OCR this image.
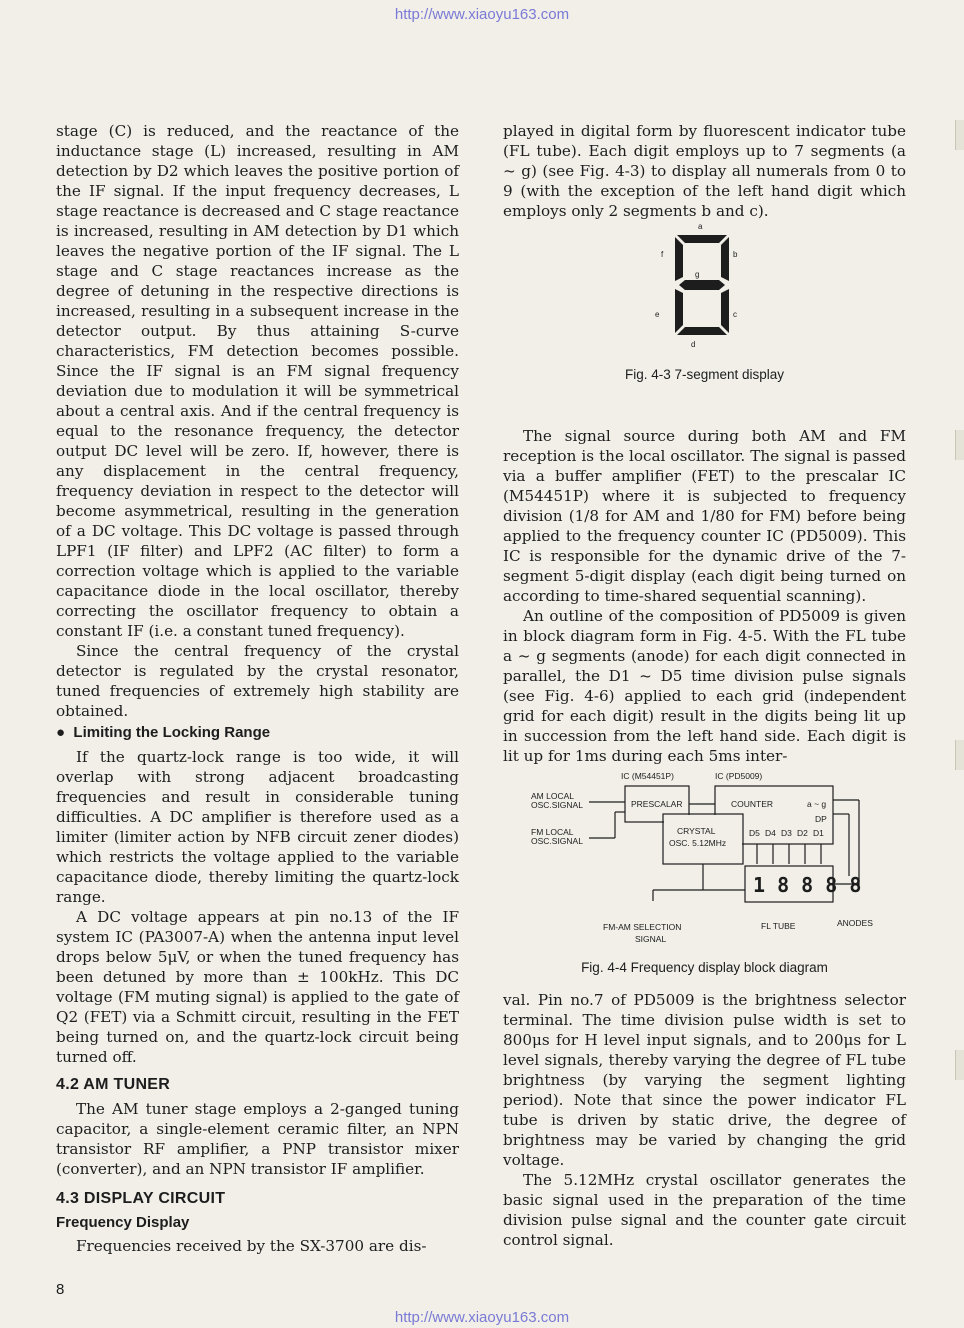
http://www.xiaoyu163.com

stage (C) is reduced, and the reactance of the inductance stage (L) increased, resulting in AM detection by D2 which leaves the positive portion of the IF signal. If the input frequency decreases, L stage reactance is decreased and C stage reactance is increased, resulting in AM detection by D1 which leaves the negative portion of the IF signal. The L stage and C stage reactances increase as the degree of detuning in the respective directions is increased, resulting in a subsequent increase in the detector output. By thus attaining S-curve characteristics, FM detection becomes possible. Since the IF signal is an FM signal frequency deviation due to modulation it will be symmetrical about a central axis. And if the central frequency is equal to the resonance frequency, the detector output DC level will be zero. If, however, there is any displacement in the central frequency, frequency deviation in respect to the detector will become asymmetrical, resulting in the generation of a DC voltage. This DC voltage is passed through LPF1 (IF filter) and LPF2 (AC filter) to form a correction voltage which is applied to the variable capacitance diode in the local oscillator, thereby correcting the oscillator frequency to obtain a constant IF (i.e. a constant tuned frequency).

Since the central frequency of the crystal detector is regulated by the crystal resonator, tuned frequencies of extremely high stability are obtained.

●  Limiting the Locking Range

If the quartz-lock range is too wide, it will overlap with strong adjacent broadcasting frequencies and result in considerable tuning difficulties. A DC amplifier is therefore used as a limiter (limiter action by NFB circuit zener diodes) which restricts the voltage applied to the variable capacitance diode, thereby limiting the quartz-lock range.

A DC voltage appears at pin no.13 of the IF system IC (PA3007-A) when the antenna input level drops below 5μV, or when the tuned frequency has been detuned by more than ± 100kHz. This DC voltage (FM muting signal) is applied to the gate of Q2 (FET) via a Schmitt circuit, resulting in the FET being turned on, and the quartz-lock circuit being turned off.

4.2 AM TUNER

The AM tuner stage employs a 2-ganged tuning capacitor, a single-element ceramic filter, an NPN transistor RF amplifier, a PNP transistor mixer (converter), and an NPN transistor IF amplifier.

4.3 DISPLAY CIRCUIT
Frequency Display

Frequencies received by the SX-3700 are dis-

played in digital form by fluorescent indicator tube (FL tube). Each digit employs up to 7 segments (a ~ g) (see Fig. 4-3) to display all numerals from 0 to 9 (with the exception of the left hand digit which employs only 2 segments b and c).

a
b
c
d
e
f
g
Fig. 4-3 7-segment display

The signal source during both AM and FM reception is the local oscillator. The signal is passed via a buffer amplifier (FET) to the prescalar IC (M54451P) where it is subjected to frequency division (1/8 for AM and 1/80 for FM) before being applied to the frequency counter IC (PD5009). This IC is responsible for the dynamic drive of the 7-segment 5-digit display (each digit being turned on according to time-shared sequential scanning).

An outline of the composition of PD5009 is given in block diagram form in Fig. 4-5. With the FL tube a ~ g segments (anode) for each digit connected in parallel, the D1 ~ D5 time division pulse signals (see Fig. 4-6) applied to each grid (independent grid for each digit) result in the digits being lit up in succession from the left hand side. Each digit is lit up for 1ms during each 5ms inter-

IC (M54451P)	IC (PD5009)
AM LOCAL
OSC.SIGNAL
FM LOCAL
OSC.SIGNAL
PRESCALAR	COUNTER	a ~ g
DP
D5 D4 D3 D2 D1
CRYSTAL
OSC. 5.12MHz
1 8 8 8 8
FM-AM SELECTION
SIGNAL
FL TUBE	ANODES
Fig. 4-4 Frequency display block diagram

val. Pin no.7 of PD5009 is the brightness selector terminal. The time division pulse width is set to 800μs for H level input signals, and to 200μs for L level signals, thereby varying the degree of FL tube brightness (by varying the segment lighting period). Note that since the power indicator FL tube is driven by static drive, the degree of brightness may be varied by changing the grid voltage.

The 5.12MHz crystal oscillator generates the basic signal used in the preparation of the time division pulse signal and the counter gate circuit control signal.

8
http://www.xiaoyu163.com
